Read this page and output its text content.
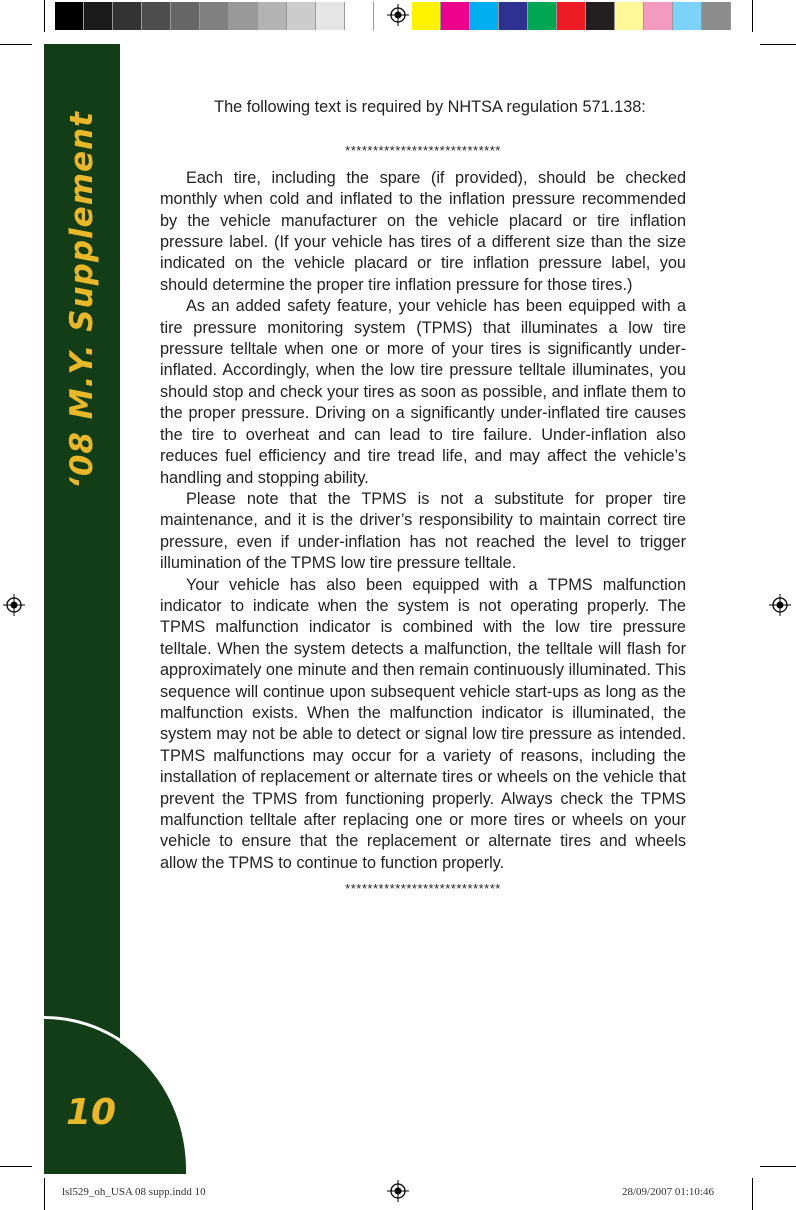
‘08 M.Y. Supplement
10

The following text is required by NHTSA regulation 571.138:

****************************

Each tire, including the spare (if provided), should be checked monthly when cold and inflated to the inflation pressure recommended by the vehicle manufacturer on the vehicle placard or tire inflation pressure label. (If your vehicle has tires of a different size than the size indicated on the vehicle placard or tire inflation pressure label, you should determine the proper tire inflation pressure for those tires.)

As an added safety feature, your vehicle has been equipped with a tire pressure monitoring system (TPMS) that illuminates a low tire pressure telltale when one or more of your tires is significantly under-inflated. Accordingly, when the low tire pressure telltale illuminates, you should stop and check your tires as soon as possible, and inflate them to the proper pressure. Driving on a significantly under-inflated tire causes the tire to overheat and can lead to tire failure. Under-inflation also reduces fuel efficiency and tire tread life, and may affect the vehicle’s handling and stopping ability.

Please note that the TPMS is not a substitute for proper tire maintenance, and it is the driver’s responsibility to maintain correct tire pressure, even if under-inflation has not reached the level to trigger illumination of the TPMS low tire pressure telltale.

Your vehicle has also been equipped with a TPMS malfunction indicator to indicate when the system is not operating properly. The TPMS malfunction indicator is combined with the low tire pressure telltale. When the system detects a malfunction, the telltale will flash for approximately one minute and then remain continuously illuminated. This sequence will continue upon subsequent vehicle start-ups as long as the malfunction exists. When the malfunction indicator is illuminated, the system may not be able to detect or signal low tire pressure as intended. TPMS malfunctions may occur for a variety of reasons, including the installation of replacement or alternate tires or wheels on the vehicle that prevent the TPMS from functioning properly. Always check the TPMS malfunction telltale after replacing one or more tires or wheels on your vehicle to ensure that the replacement or alternate tires and wheels allow the TPMS to continue to function properly.

****************************

lsl529_oh_USA 08 supp.indd 10	28/09/2007 01:10:46
